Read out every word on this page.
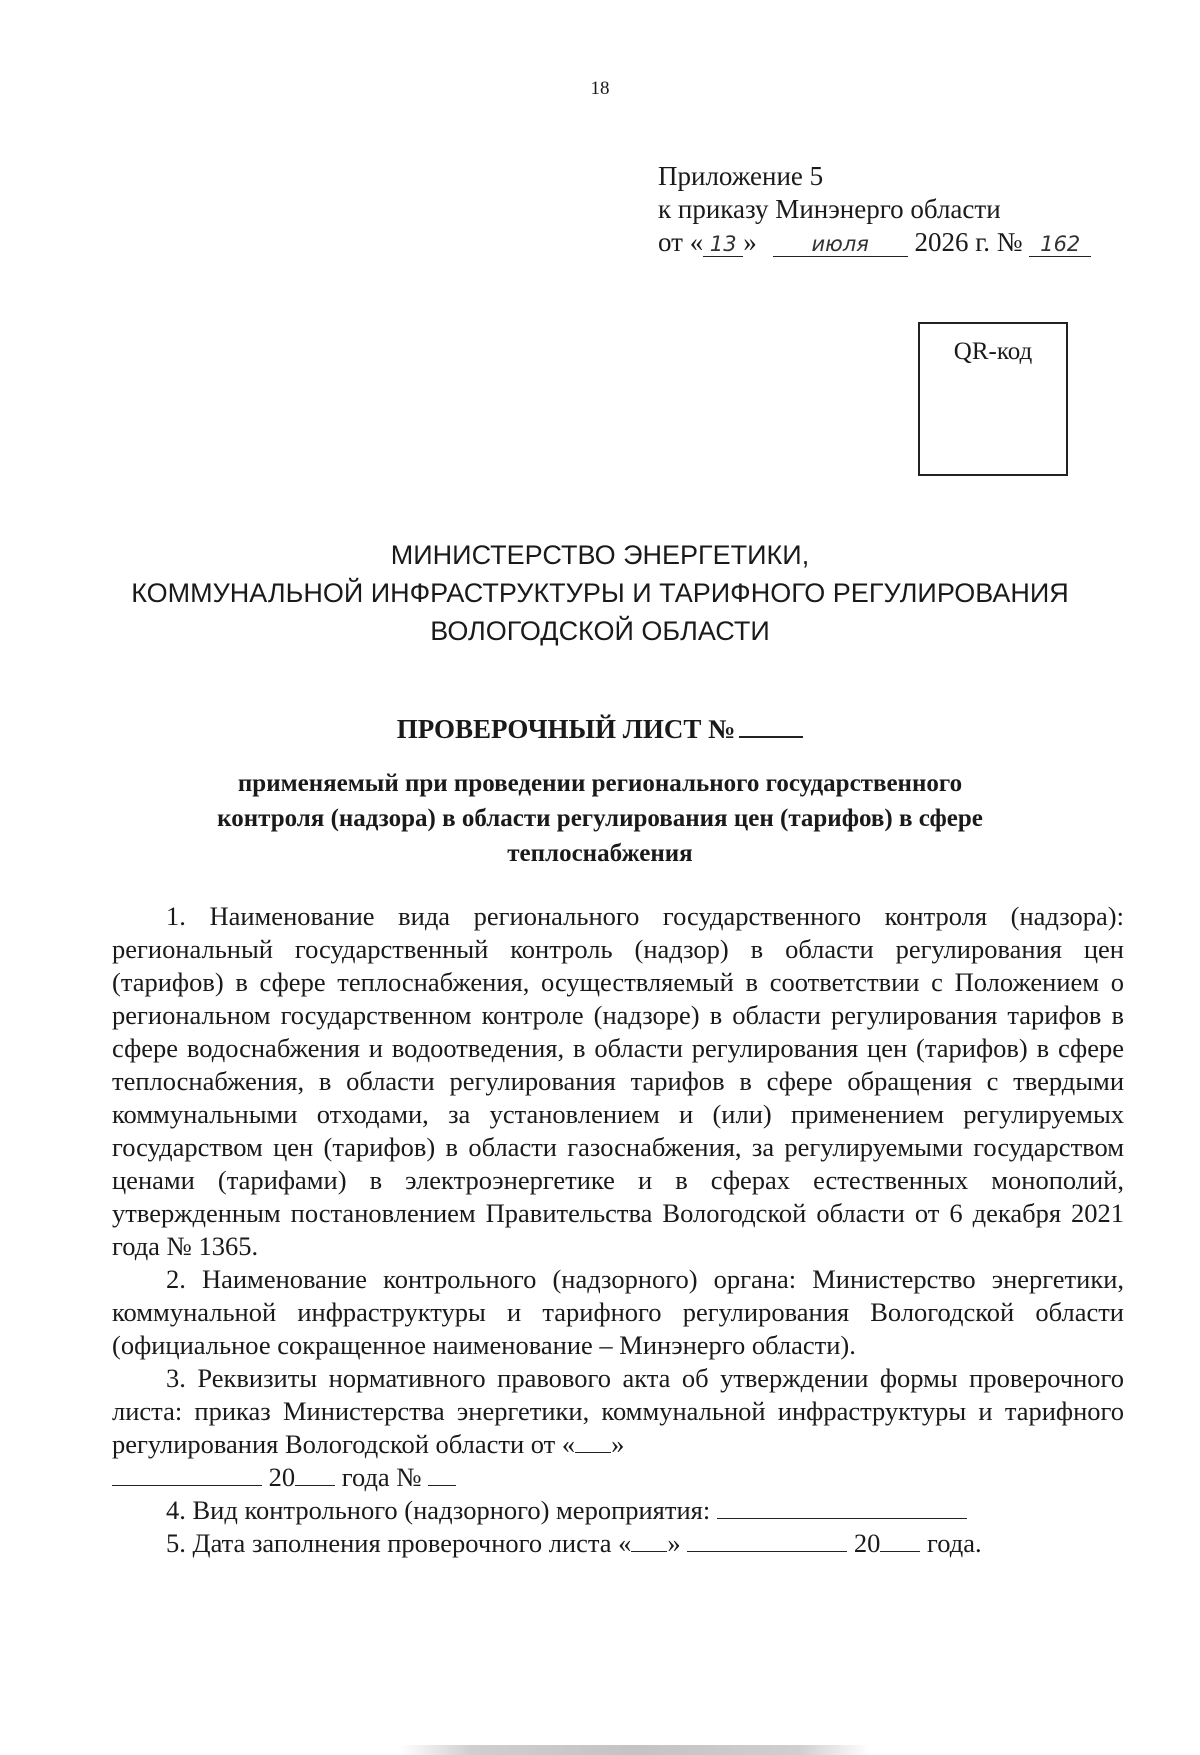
18
Приложение 5
к приказу Минэнерго области
от « 13 »	июля 2026 г. № 162
QR-код
МИНИСТЕРСТВО ЭНЕРГЕТИКИ,
КОММУНАЛЬНОЙ ИНФРАСТРУКТУРЫ И ТАРИФНОГО РЕГУЛИРОВАНИЯ
ВОЛОГОДСКОЙ ОБЛАСТИ
ПРОВЕРОЧНЫЙ ЛИСТ №
применяемый при проведении регионального государственного
контроля (надзора) в области регулирования цен (тарифов) в сфере
теплоснабжения

1. Наименование вида регионального государственного контроля (надзора): региональный государственный контроль (надзор) в области регулирования цен (тарифов) в сфере теплоснабжения, осуществляемый в соответствии с Положением о региональном государственном контроле (надзоре) в области регулирования тарифов в сфере водоснабжения и водоотведения, в области регулирования цен (тарифов) в сфере теплоснабжения, в области регулирования тарифов в сфере обращения с твердыми коммунальными отходами, за установлением и (или) применением регулируемых государством цен (тарифов) в области газоснабжения, за регулируемыми государством ценами (тарифами) в электроэнергетике и в сферах естественных монополий, утвержденным постановлением Правительства Вологодской области от 6 декабря 2021 года № 1365.

2. Наименование контрольного (надзорного) органа: Министерство энергетики, коммунальной инфраструктуры и тарифного регулирования Вологодской области (официальное сокращенное наименование – Минэнерго области).

3. Реквизиты нормативного правового акта об утверждении формы проверочного листа: приказ Министерства энергетики, коммунальной инфраструктуры и тарифного регулирования Вологодской области от « »

20 года №

4. Вид контрольного (надзорного) мероприятия:

5. Дата заполнения проверочного листа « »	20 года.
